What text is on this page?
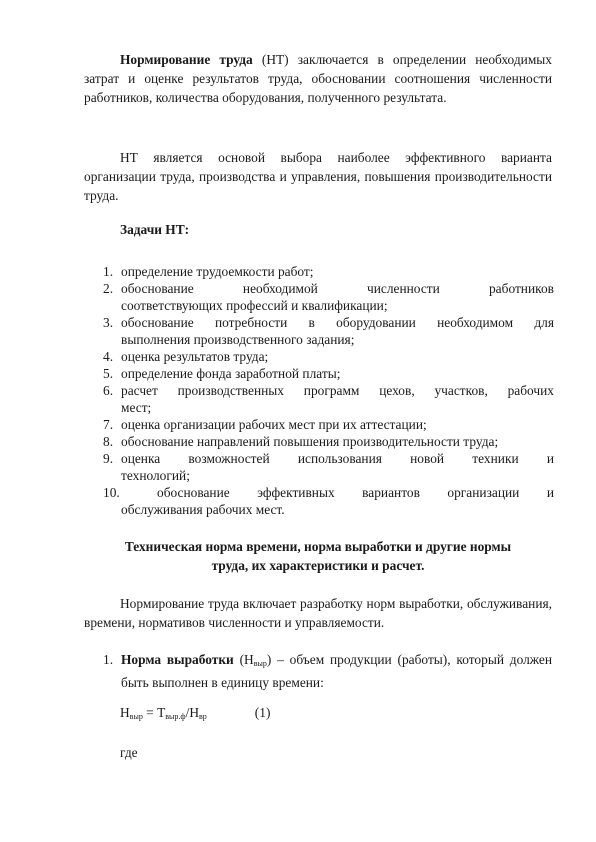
Нормирование труда (НТ) заключается в определении необходимых затрат и оценке результатов труда, обосновании соотношения численности работников, количества оборудования, полученного результата.

НТ является основой выбора наиболее эффективного варианта организации труда, производства и управления, повышения производительности труда.

Задачи НТ:
1. определение трудоемкости работ;
2. обоснование необходимой численности работников
соответствующих профессий и квалификации;
3. обоснование потребности в оборудовании необходимом для
выполнения производственного задания;
4. оценка результатов труда;
5. определение фонда заработной платы;
6. расчет производственных программ цехов, участков, рабочих
мест;
7. оценка организации рабочих мест при их аттестации;
8. обоснование направлений повышения производительности труда;
9. оценка возможностей использования новой техники и
технологий;
10.	обоснование эффективных вариантов организации и
обслуживания рабочих мест.
Техническая норма времени, норма выработки и другие нормы
труда, их характеристики и расчет.

Нормирование труда включает разработку норм выработки, обслуживания, времени, нормативов численности и управляемости.

1. Норма выработки $(Н_{выр})$ – объем продукции (работы), который должен быть выполнен в единицу времени:
$Н_{выр} = Т_{выр.ф}/Н_{вр}$	(1)
где
